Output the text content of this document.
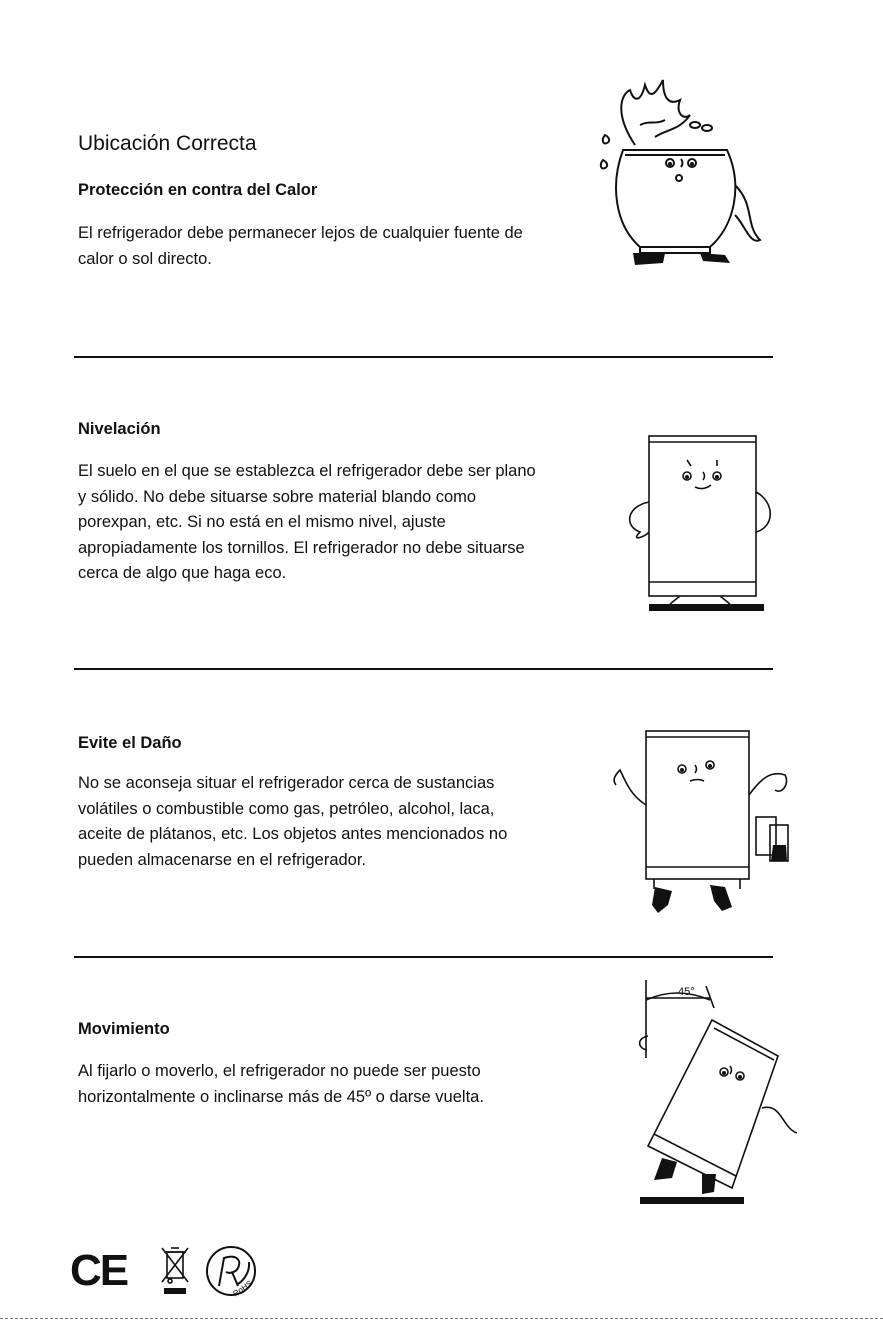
Ubicación Correcta
Protección en contra del Calor
El refrigerador debe permanecer lejos de cualquier fuente de
calor o sol directo.
Nivelación
El suelo en el que se establezca el refrigerador debe ser plano
y sólido. No debe situarse sobre material blando como
porexpan, etc. Si no está en el mismo nivel, ajuste
apropiadamente los tornillos. El refrigerador no debe situarse
cerca de algo que haga eco.
Evite el Daño
No se aconseja situar el refrigerador cerca de sustancias
volátiles o combustible como gas, petróleo, alcohol, laca,
aceite de plátanos, etc. Los objetos antes mencionados no
pueden almacenarse en el refrigerador.
Movimiento
Al fijarlo o moverlo, el refrigerador no puede ser puesto
horizontalmente o inclinarse más de 45º o darse vuelta.
45°
CE	RoHS
